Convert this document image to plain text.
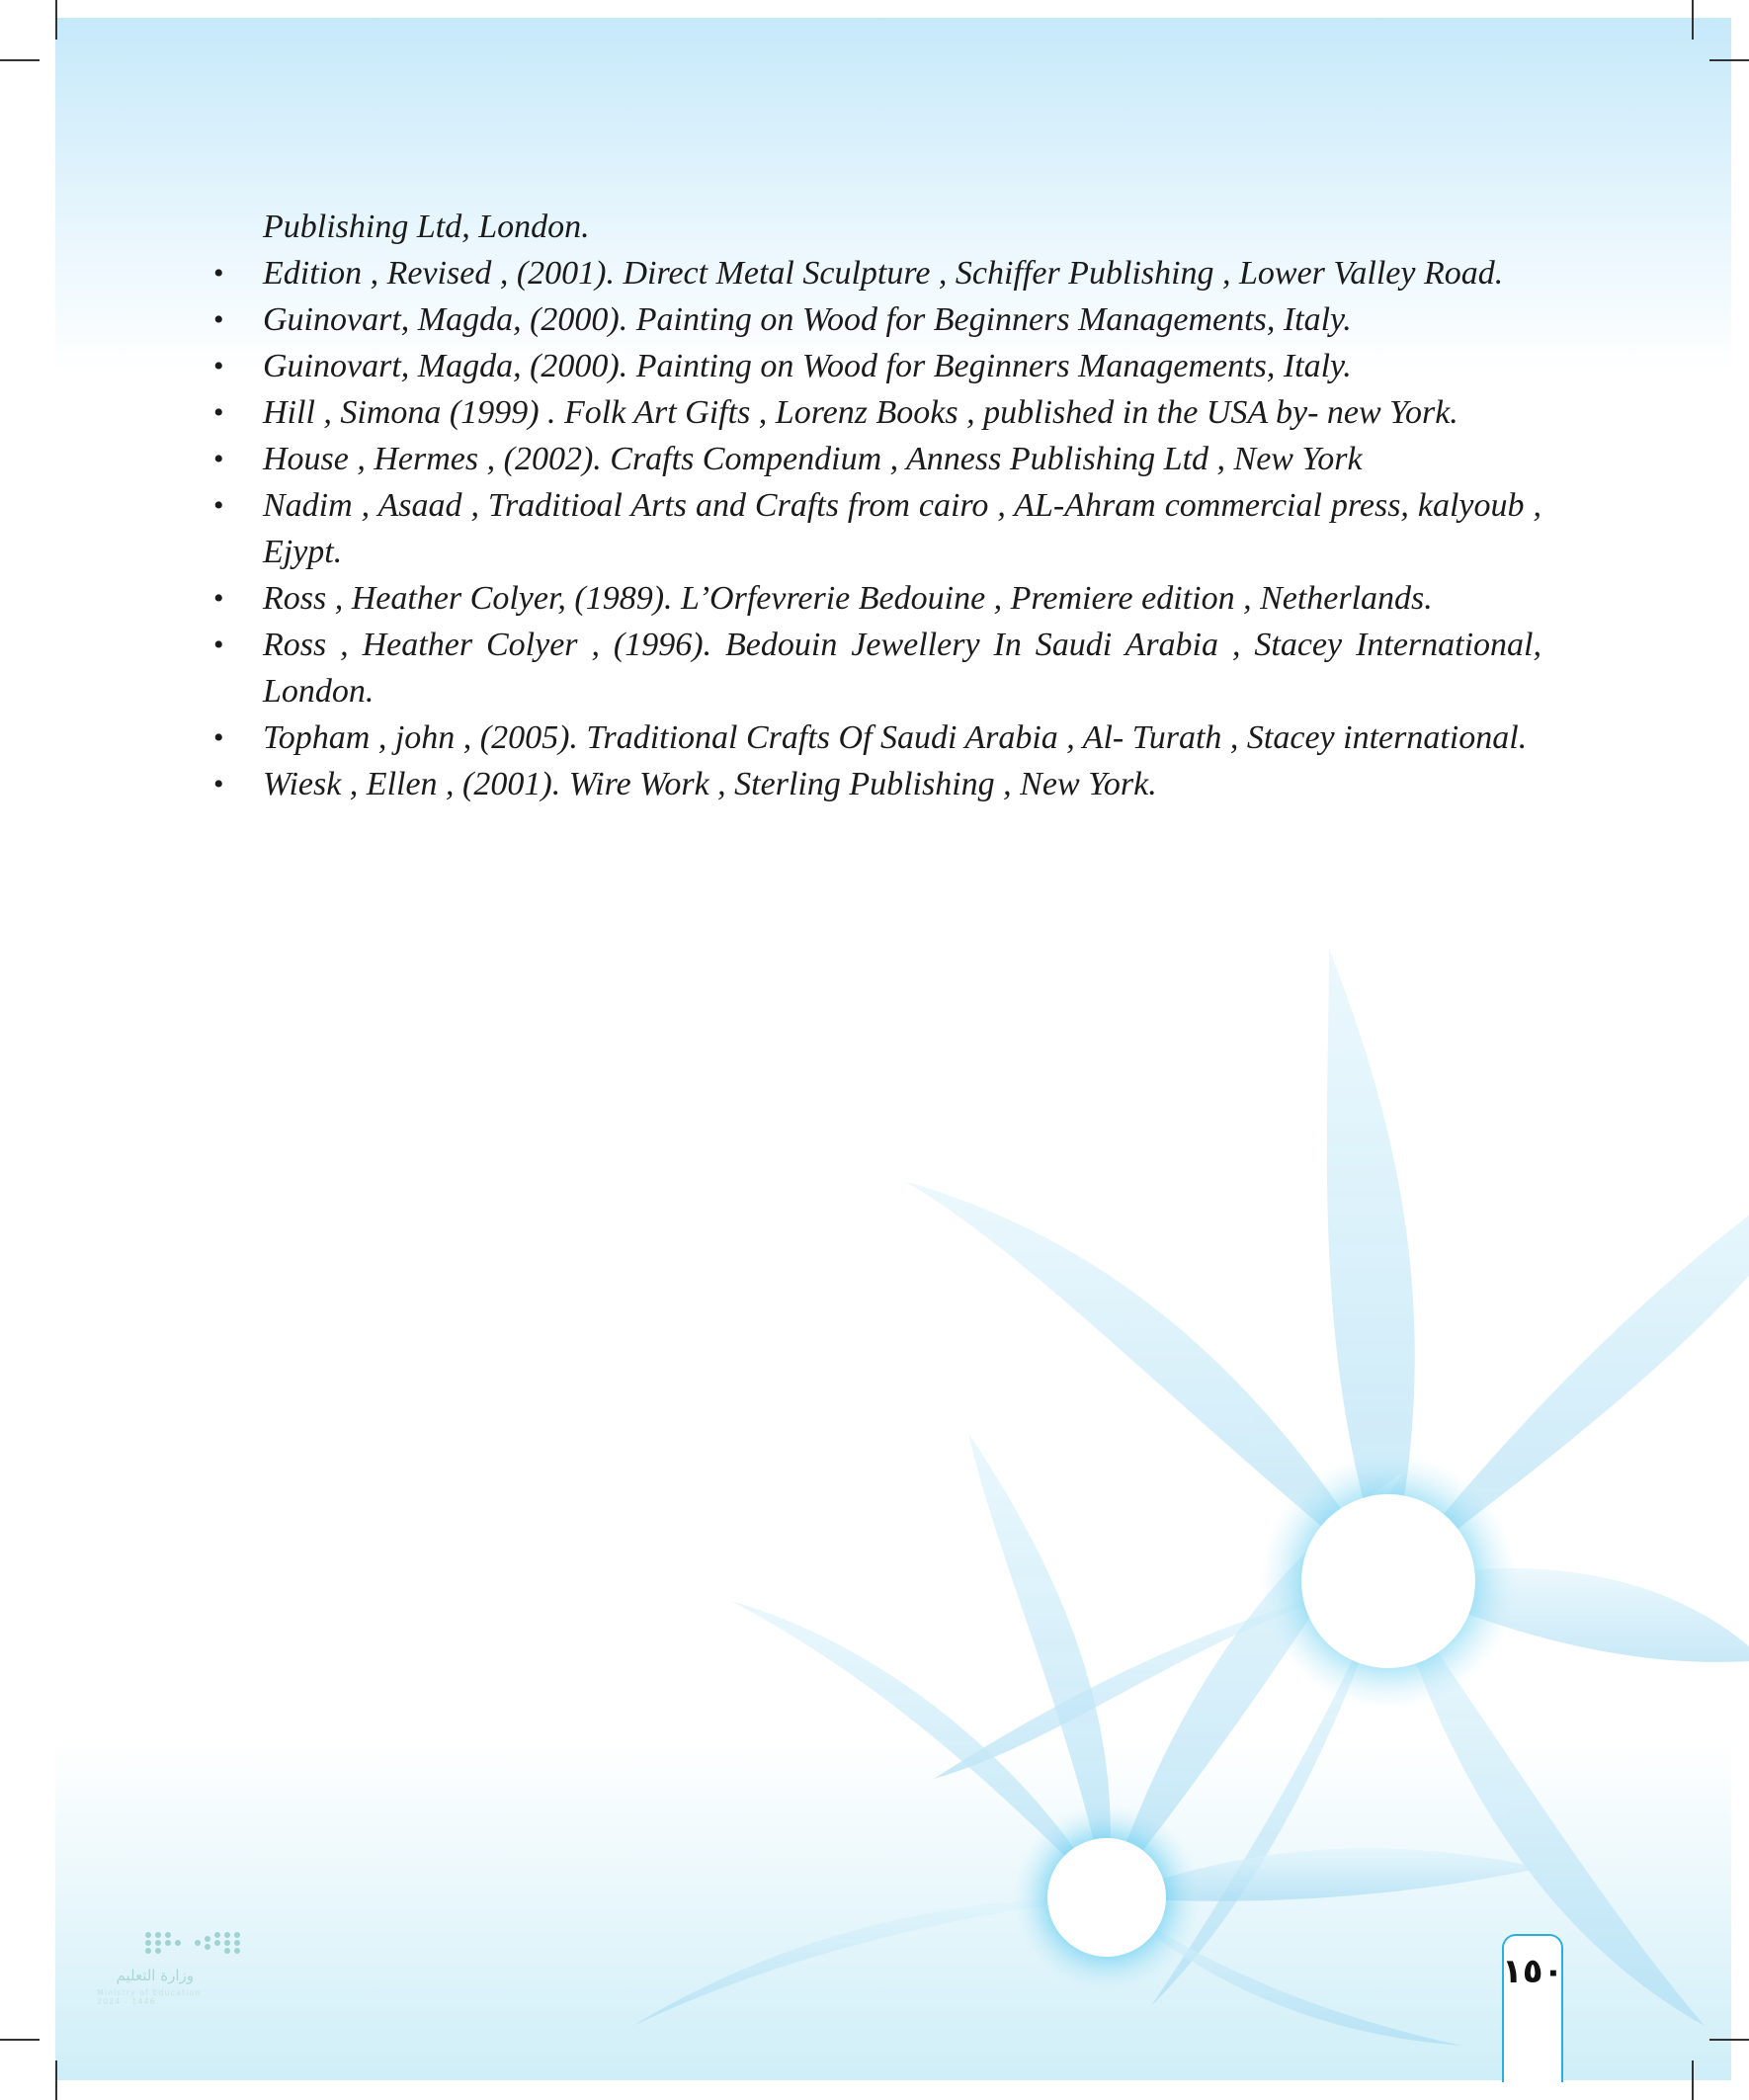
Publishing Ltd, London.
• Edition , Revised , (2001). Direct Metal Sculpture , Schiffer Publishing , Lower Valley Road.
• Guinovart, Magda, (2000). Painting on Wood for Beginners Managements, Italy.
• Guinovart, Magda, (2000). Painting on Wood for Beginners Managements, Italy.
• Hill , Simona (1999) . Folk Art Gifts , Lorenz Books , published in the USA by- new York.
• House , Hermes , (2002). Crafts Compendium , Anness Publishing Ltd , New York
• Nadim , Asaad , Traditioal Arts and Crafts from cairo , AL-Ahram commercial press, kalyoub , Ejypt.
• Ross , Heather Colyer, (1989). L’Orfevrerie Bedouine , Premiere edition , Netherlands.
• Ross , Heather Colyer , (1996). Bedouin Jewellery In Saudi Arabia , Stacey International, London.
• Topham , john , (2005). Traditional Crafts Of Saudi Arabia , Al- Turath , Stacey international.
• Wiesk , Ellen , (2001). Wire Work , Sterling Publishing , New York.
وزارة التعليم
Ministry of Education
2024 - 1446
١٥٠
